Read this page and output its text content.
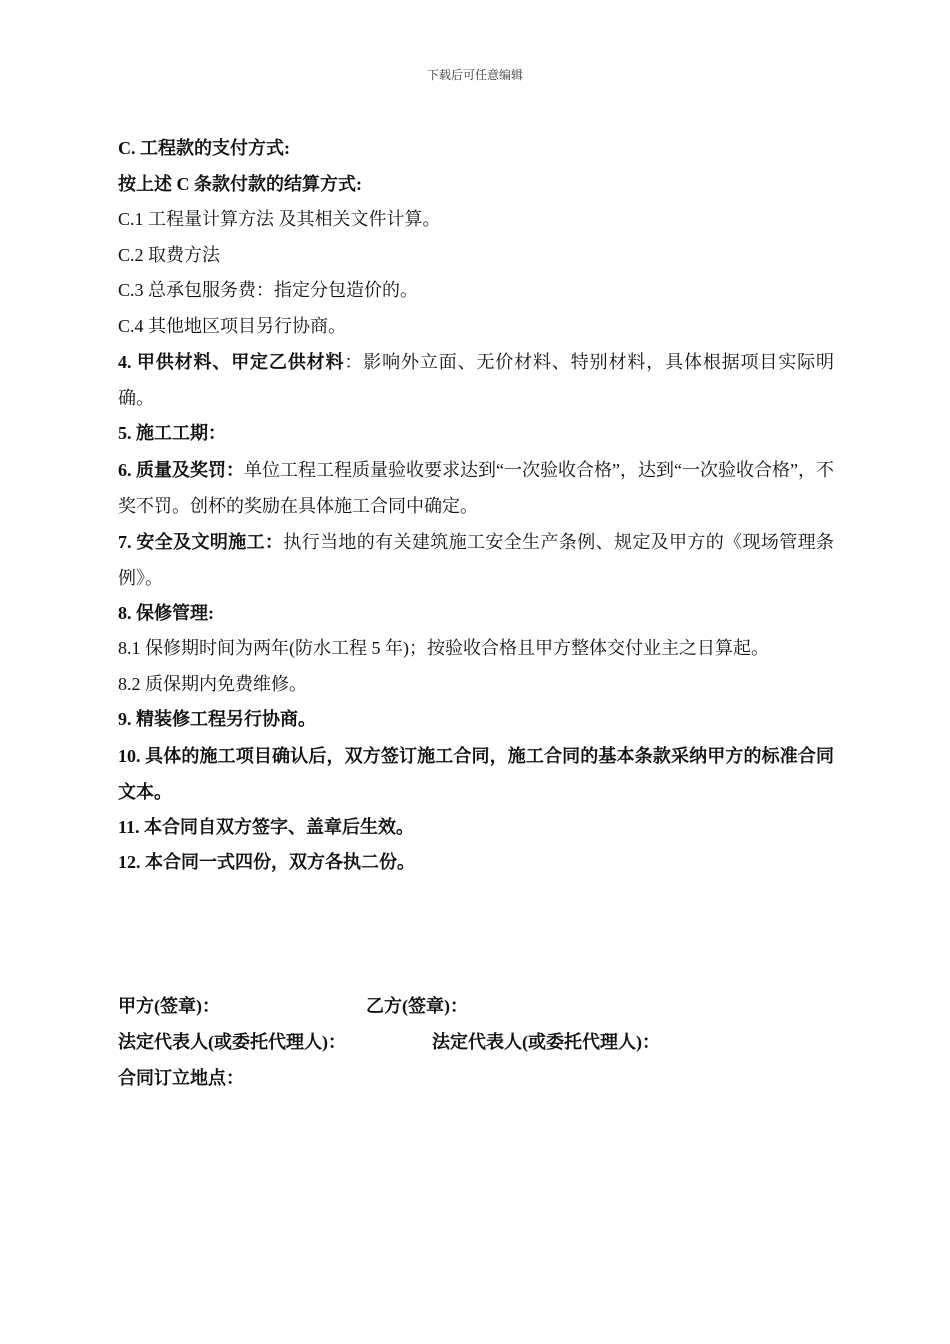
下载后可任意编辑
C. 工程款的支付方式:
按上述 C 条款付款的结算方式:
C.1 工程量计算方法 及其相关文件计算。
C.2 取费方法
C.3 总承包服务费：指定分包造价的。
C.4 其他地区项目另行协商。
4. 甲供材料、甲定乙供材料：影响外立面、无价材料、特别材料，具体根据项目实际明确。
5. 施工工期：
6. 质量及奖罚：单位工程工程质量验收要求达到“一次验收合格”，达到“一次验收合格”，不奖不罚。创杯的奖励在具体施工合同中确定。
7. 安全及文明施工：执行当地的有关建筑施工安全生产条例、规定及甲方的《现场管理条例》。
8. 保修管理:
8.1 保修期时间为两年(防水工程 5 年)；按验收合格且甲方整体交付业主之日算起。
8.2 质保期内免费维修。
9. 精装修工程另行协商。
10. 具体的施工项目确认后，双方签订施工合同，施工合同的基本条款采纳甲方的标准合同文本。
11. 本合同自双方签字、盖章后生效。
12. 本合同一式四份，双方各执二份。
甲方(签章)：	乙方(签章)：
法定代表人(或委托代理人)：	法定代表人(或委托代理人)：
合同订立地点：
